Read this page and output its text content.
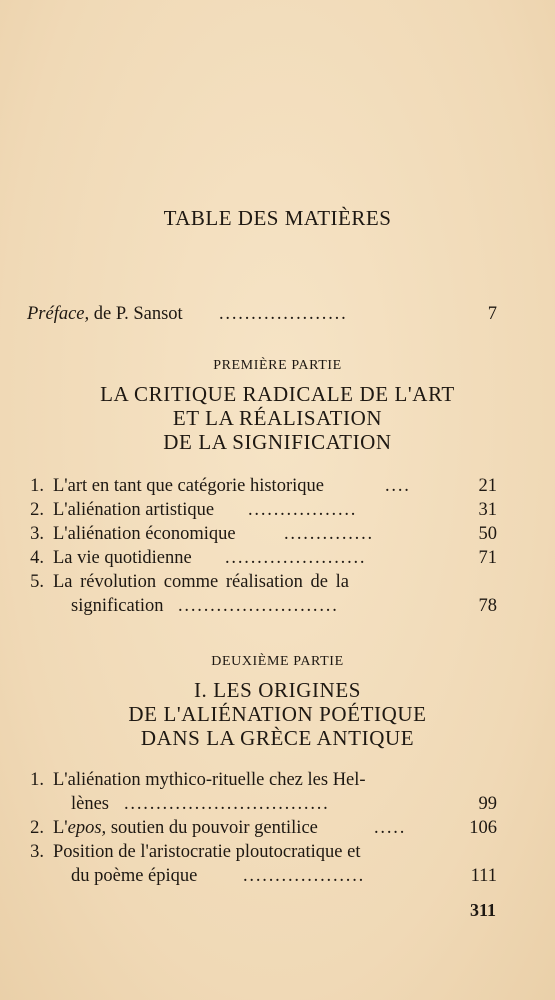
TABLE DES MATIÈRES
Préface, de P. Sansot ....................	7
PREMIÈRE PARTIE
LA CRITIQUE RADICALE DE L'ART
ET LA RÉALISATION
DE LA SIGNIFICATION
1. L'art en tant que catégorie historique	....	21
2. L'aliénation artistique .................	31
3. L'aliénation économique	..............	50
4. La vie quotidienne ......................	71
5. La révolution comme réalisation de la
signification .........................	78
DEUXIÈME PARTIE
I. LES ORIGINES
DE L'ALIÉNATION POÉTIQUE
DANS LA GRÈCE ANTIQUE
1. L'aliénation mythico-rituelle chez les Hel-
lènes ................................	99
2. L'epos, soutien du pouvoir gentilice	.....	106
3. Position de l'aristocratie ploutocratique et
du poème épique ...................	111
311
